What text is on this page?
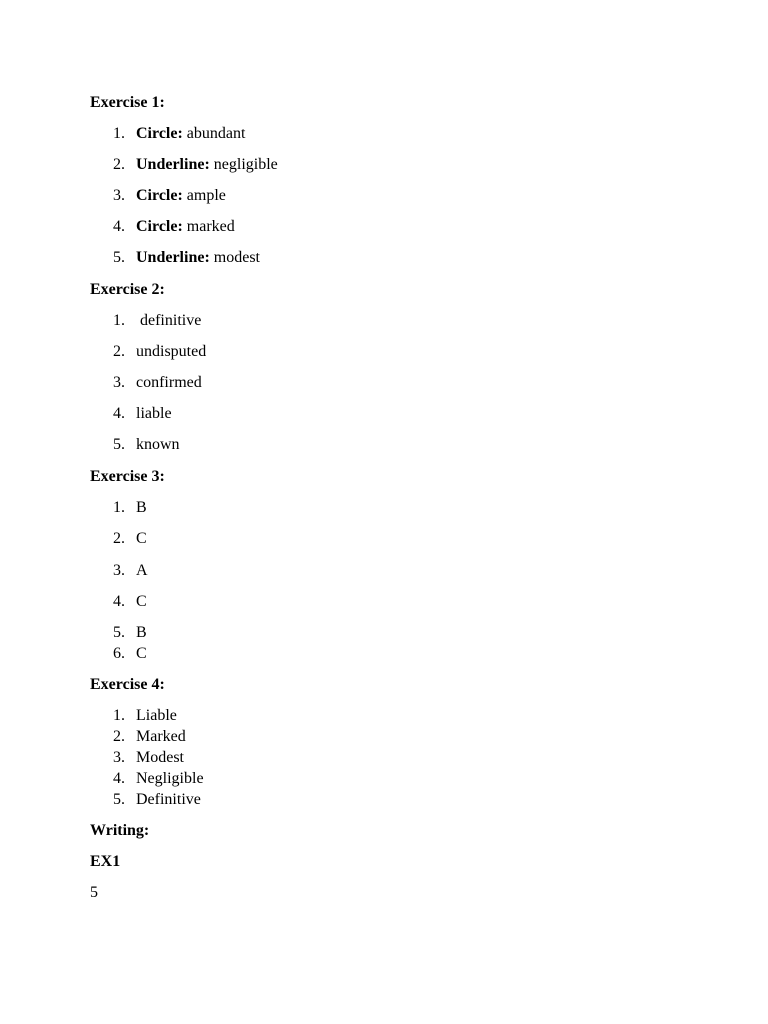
Exercise 1:
1. Circle: abundant
2. Underline: negligible
3. Circle: ample
4. Circle: marked
5. Underline: modest
Exercise 2:
1. definitive
2. undisputed
3. confirmed
4. liable
5. known
Exercise 3:
1. B
2. C
3. A
4. C
5. B
6. C
Exercise 4:
1. Liable
2. Marked
3. Modest
4. Negligible
5. Definitive
Writing:
EX1
5
